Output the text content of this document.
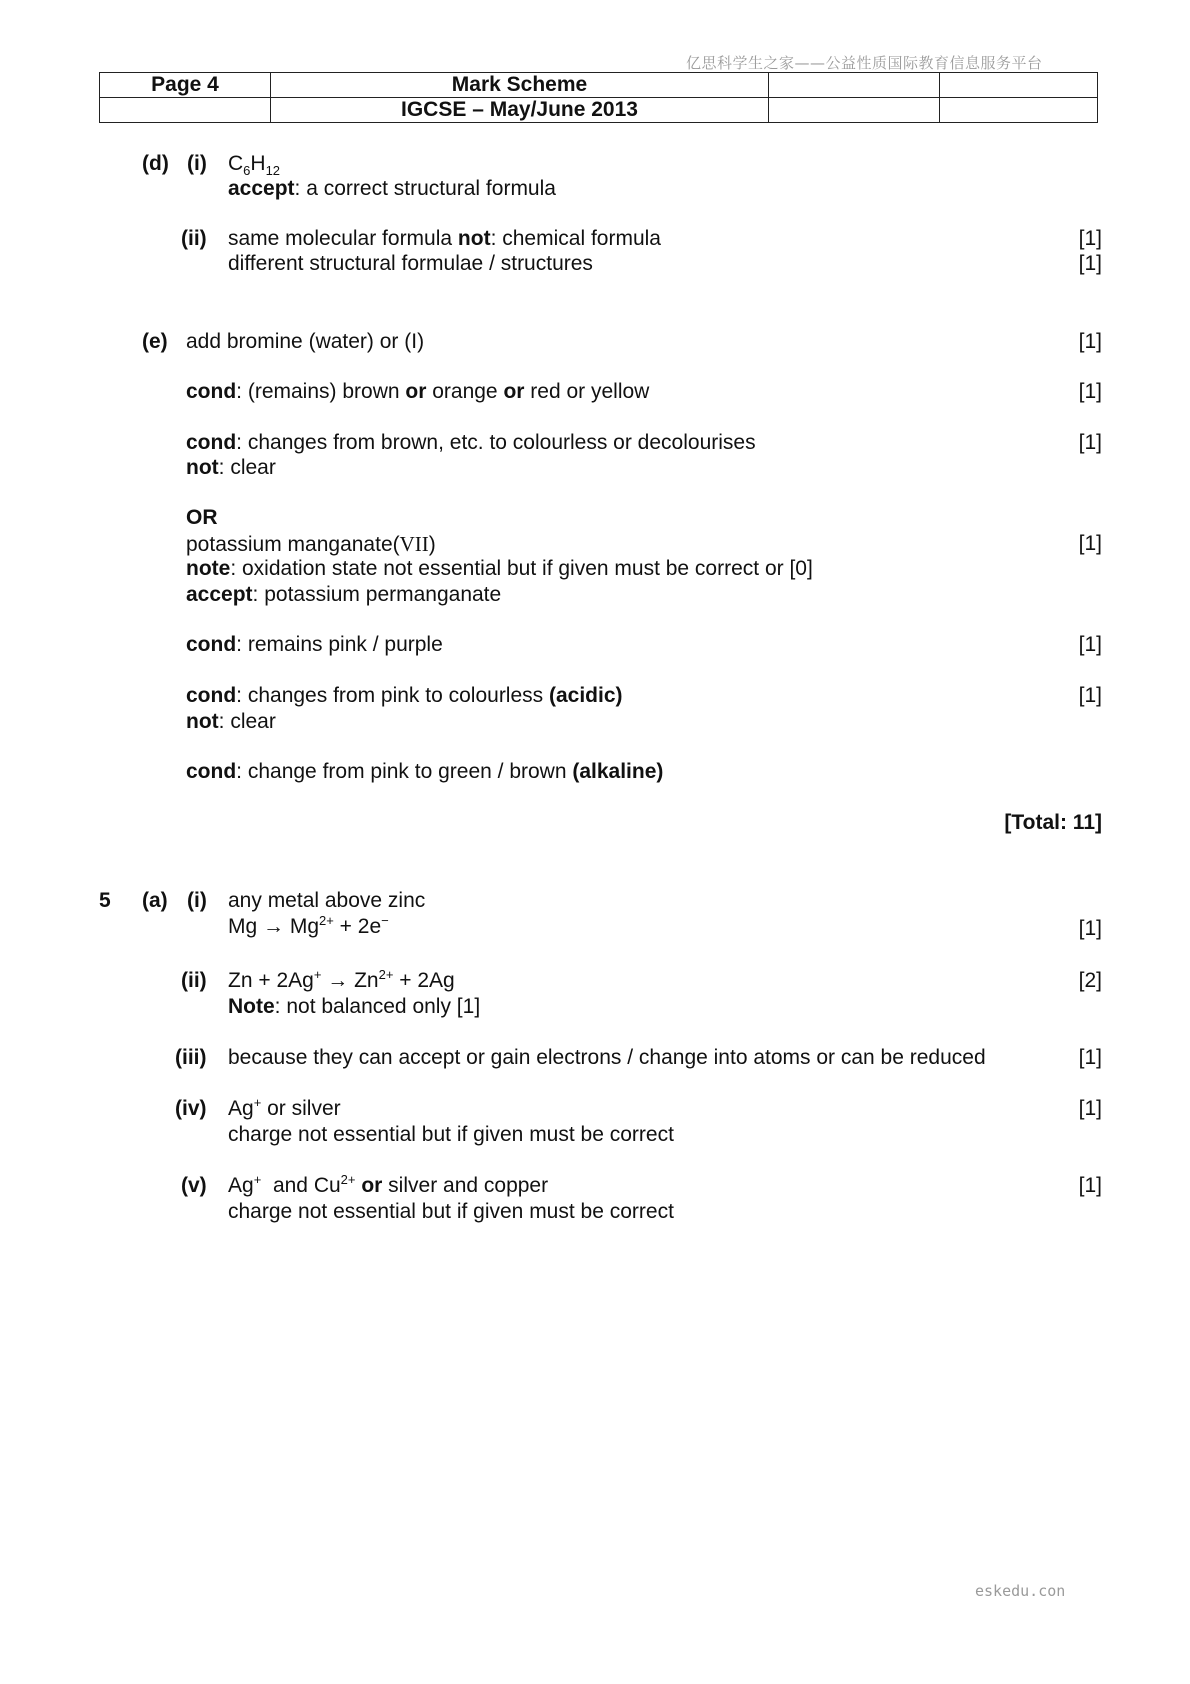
亿思科学生之家——公益性质国际教育信息服务平台
Page 4	Mark Scheme		
	IGCSE – May/June 2013		
(d) (i) $C_6H_{12}$
accept: a correct structural formula
(ii) same molecular formula not: chemical formula	[1]
different structural formulae / structures	[1]
(e) add bromine (water) or (I)	[1]
cond: (remains) brown or orange or red or yellow	[1]
cond: changes from brown, etc. to colourless or decolourises	[1]
not: clear
OR
potassium manganate(VII)	[1]
note: oxidation state not essential but if given must be correct or [0]
accept: potassium permanganate
cond: remains pink / purple	[1]
cond: changes from pink to colourless (acidic)	[1]
not: clear
cond: change from pink to green / brown (alkaline)
[Total: 11]
5 (a) (i) any metal above zinc
$Mg \to Mg^{2+} + 2e^-$	[1]
(ii) $Zn + 2Ag^+ \to Zn^{2+} + 2Ag$	[2]
Note: not balanced only [1]
(iii) because they can accept or gain electrons / change into atoms or can be reduced	[1]
(iv) Ag+ or silver	[1]
charge not essential but if given must be correct
(v) Ag+  and $Cu^{2+}$ or silver and copper	[1]
charge not essential but if given must be correct
eskedu.con
